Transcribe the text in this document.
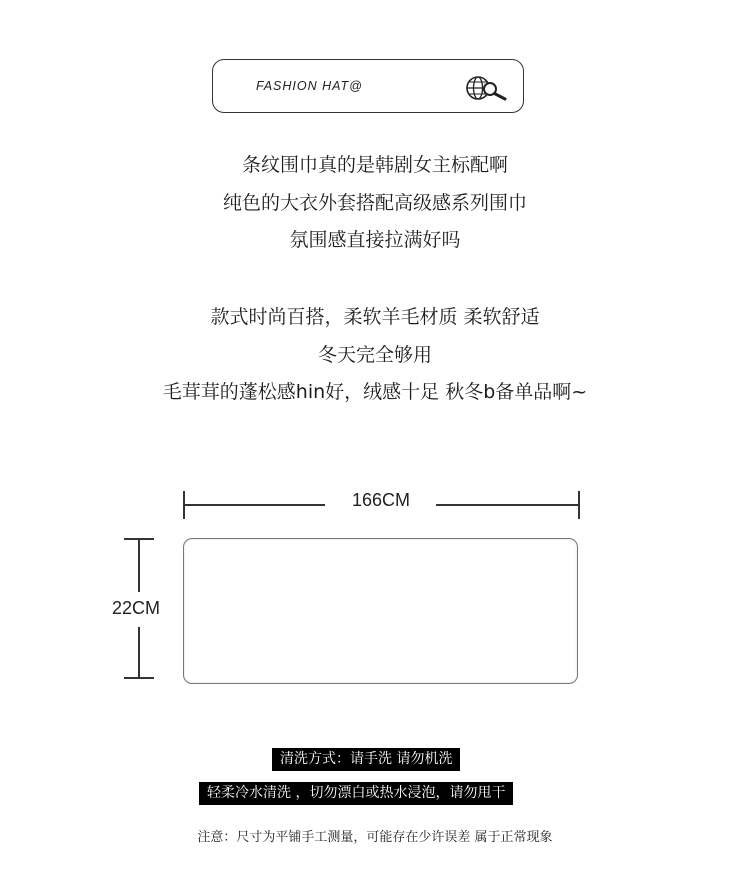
FASHION HAT@
条纹围巾真的是韩剧女主标配啊
纯色的大衣外套搭配高级感系列围巾
氛围感直接拉满好吗
款式时尚百搭，柔软羊毛材质 柔软舒适
冬天完全够用
毛茸茸的蓬松感hin好，绒感十足 秋冬b备单品啊~
166CM
22CM
清洗方式：请手洗 请勿机洗
轻柔冷水清洗 ，切勿漂白或热水浸泡，请勿甩干
注意：尺寸为平铺手工测量，可能存在少许误差 属于正常现象
